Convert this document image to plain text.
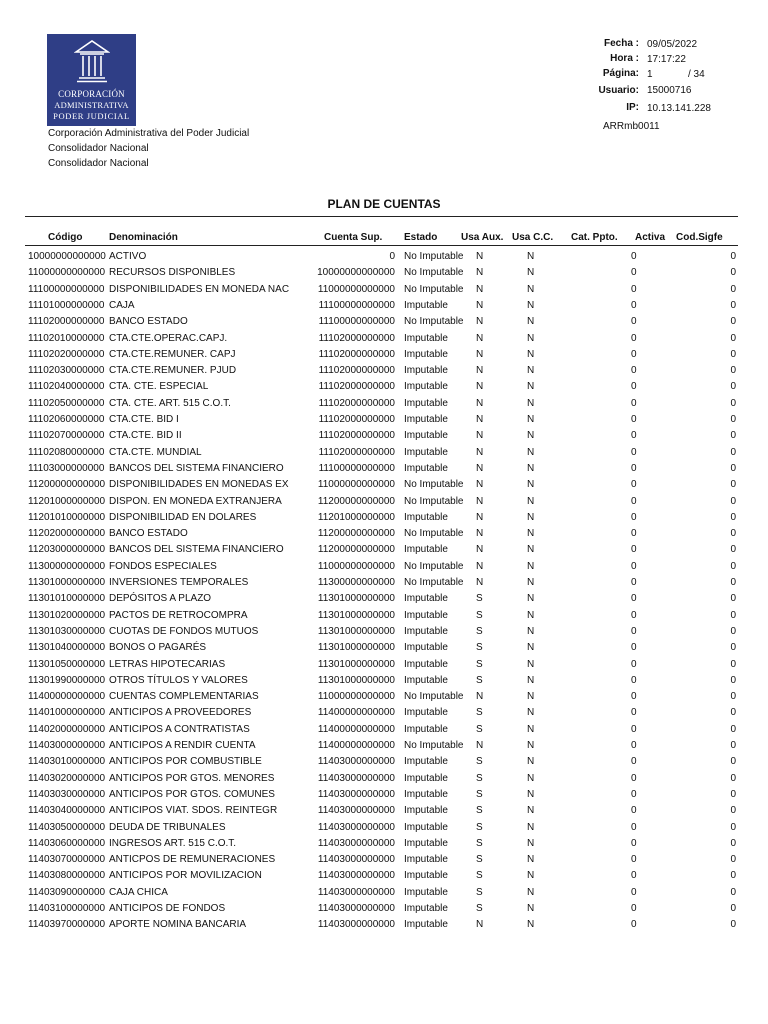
CORPORACIÓN
ADMINISTRATIVA
PODER JUDICIAL
Corporación Administrativa del Poder Judicial
Consolidador Nacional
Consolidador Nacional
Fecha : 09/05/2022
Hora : 17:17:22
Página: 1	/ 34
Usuario: 15000716
IP: 10.13.141.228
ARRmb0011
PLAN DE CUENTAS
Código	Denominación	Cuenta Sup. Estado Usa Aux. Usa C.C. Cat. Ppto. Activa Cod.Sigfe
10000000000000 ACTIVO	0 No Imputable N	N	0	0
11000000000000 RECURSOS DISPONIBLES	10000000000000 No Imputable N	N	0	0
11100000000000 DISPONIBILIDADES EN MONEDA NAC	11000000000000 No Imputable N	N	0	0
11101000000000 CAJA	11100000000000 Imputable	N	N	0	0
11102000000000 BANCO ESTADO	11100000000000 No Imputable N	N	0	0
11102010000000 CTA.CTE.OPERAC.CAPJ.	11102000000000 Imputable	N	N	0	0
11102020000000 CTA.CTE.REMUNER. CAPJ	11102000000000 Imputable	N	N	0	0
11102030000000 CTA.CTE.REMUNER. PJUD	11102000000000 Imputable	N	N	0	0
11102040000000 CTA. CTE. ESPECIAL	11102000000000 Imputable	N	N	0	0
11102050000000 CTA. CTE. ART. 515 C.O.T.	11102000000000 Imputable	N	N	0	0
11102060000000 CTA.CTE. BID I	11102000000000 Imputable	N	N	0	0
11102070000000 CTA.CTE. BID II	11102000000000 Imputable	N	N	0	0
11102080000000 CTA.CTE. MUNDIAL	11102000000000 Imputable	N	N	0	0
11103000000000 BANCOS DEL SISTEMA FINANCIERO	11100000000000 Imputable	N	N	0	0
11200000000000 DISPONIBILIDADES EN MONEDAS EX	11000000000000 No Imputable N	N	0	0
11201000000000 DISPON. EN MONEDA EXTRANJERA	11200000000000 No Imputable N	N	0	0
11201010000000 DISPONIBILIDAD EN DOLARES	11201000000000 Imputable	N	N	0	0
11202000000000 BANCO ESTADO	11200000000000 No Imputable N	N	0	0
11203000000000 BANCOS DEL SISTEMA FINANCIERO	11200000000000 Imputable	N	N	0	0
11300000000000 FONDOS ESPECIALES	11000000000000 No Imputable N	N	0	0
11301000000000 INVERSIONES TEMPORALES	11300000000000 No Imputable N	N	0	0
11301010000000 DEPÓSITOS A PLAZO	11301000000000 Imputable	S	N	0	0
11301020000000 PACTOS DE RETROCOMPRA	11301000000000 Imputable	S	N	0	0
11301030000000 CUOTAS DE FONDOS MUTUOS	11301000000000 Imputable	S	N	0	0
11301040000000 BONOS O PAGARÉS	11301000000000 Imputable	S	N	0	0
11301050000000 LETRAS HIPOTECARIAS	11301000000000 Imputable	S	N	0	0
11301990000000 OTROS TÍTULOS Y VALORES	11301000000000 Imputable	S	N	0	0
11400000000000 CUENTAS COMPLEMENTARIAS	11000000000000 No Imputable N	N	0	0
11401000000000 ANTICIPOS A PROVEEDORES	11400000000000 Imputable	S	N	0	0
11402000000000 ANTICIPOS A CONTRATISTAS	11400000000000 Imputable	S	N	0	0
11403000000000 ANTICIPOS A RENDIR CUENTA	11400000000000 No Imputable N	N	0	0
11403010000000 ANTICIPOS POR COMBUSTIBLE	11403000000000 Imputable	S	N	0	0
11403020000000 ANTICIPOS POR GTOS. MENORES	11403000000000 Imputable	S	N	0	0
11403030000000 ANTICIPOS POR GTOS. COMUNES	11403000000000 Imputable	S	N	0	0
11403040000000 ANTICIPOS VIAT. SDOS. REINTEGR	11403000000000 Imputable	S	N	0	0
11403050000000 DEUDA DE TRIBUNALES	11403000000000 Imputable	S	N	0	0
11403060000000 INGRESOS ART. 515 C.O.T.	11403000000000 Imputable	S	N	0	0
11403070000000 ANTICPOS DE REMUNERACIONES	11403000000000 Imputable	S	N	0	0
11403080000000 ANTICIPOS POR MOVILIZACION	11403000000000 Imputable	S	N	0	0
11403090000000 CAJA CHICA	11403000000000 Imputable	S	N	0	0
11403100000000 ANTICIPOS DE FONDOS	11403000000000 Imputable	S	N	0	0
11403970000000 APORTE NOMINA BANCARIA	11403000000000 Imputable	N	N	0	0
